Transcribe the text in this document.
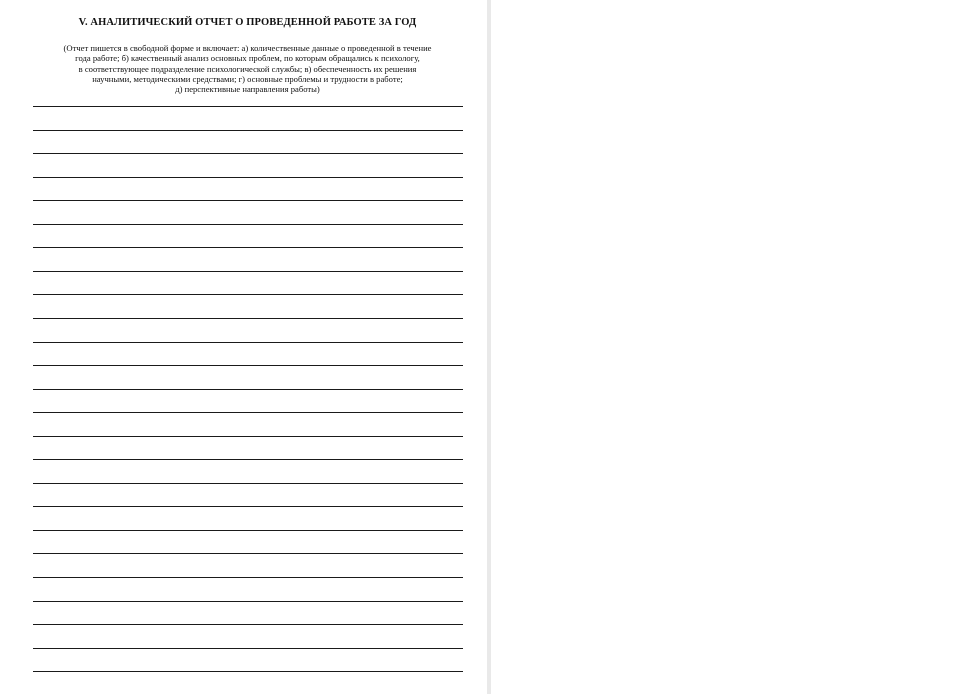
V. АНАЛИТИЧЕСКИЙ ОТЧЕТ О ПРОВЕДЕННОЙ РАБОТЕ ЗА ГОД
(Отчет пишется в свободной форме и включает: а) количественные данные о проведенной в течение
года работе; б) качественный анализ основных проблем, по которым обращались к психологу,
в соответствующее подразделение психологической службы; в) обеспеченность их решения
научными, методическими средствами; г) основные проблемы и трудности в работе;
д) перспективные направления работы)
